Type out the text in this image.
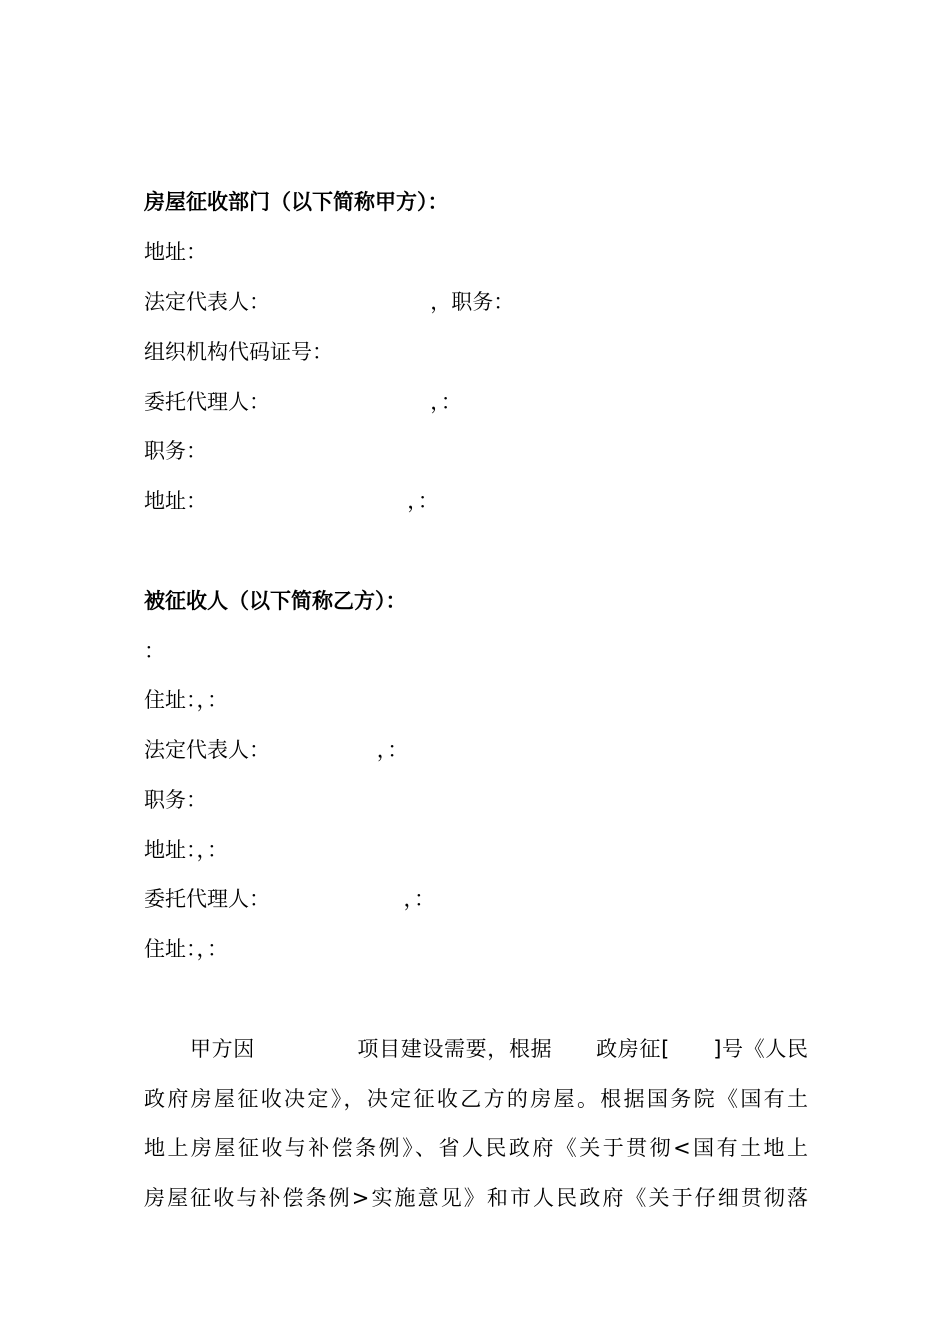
房屋征收部门（以下简称甲方）：
地址：
法定代表人：                        ，职务：
组织机构代码证号：
委托代理人：                        ，：
职务：
地址：                              ，：
被征收人（以下简称乙方）：
：
住址：，：
法定代表人：                ，：
职务：
地址：，：
委托代理人：                    ，：
住址：，：
甲方因              项目建设需要，根据      政房征[      ]号《人民
政府房屋征收决定》，决定征收乙方的房屋。根据国务院《国有土
地上房屋征收与补偿条例》、省人民政府《关于贯彻<国有土地上
房屋征收与补偿条例>实施意见》和市人民政府《关于仔细贯彻落
